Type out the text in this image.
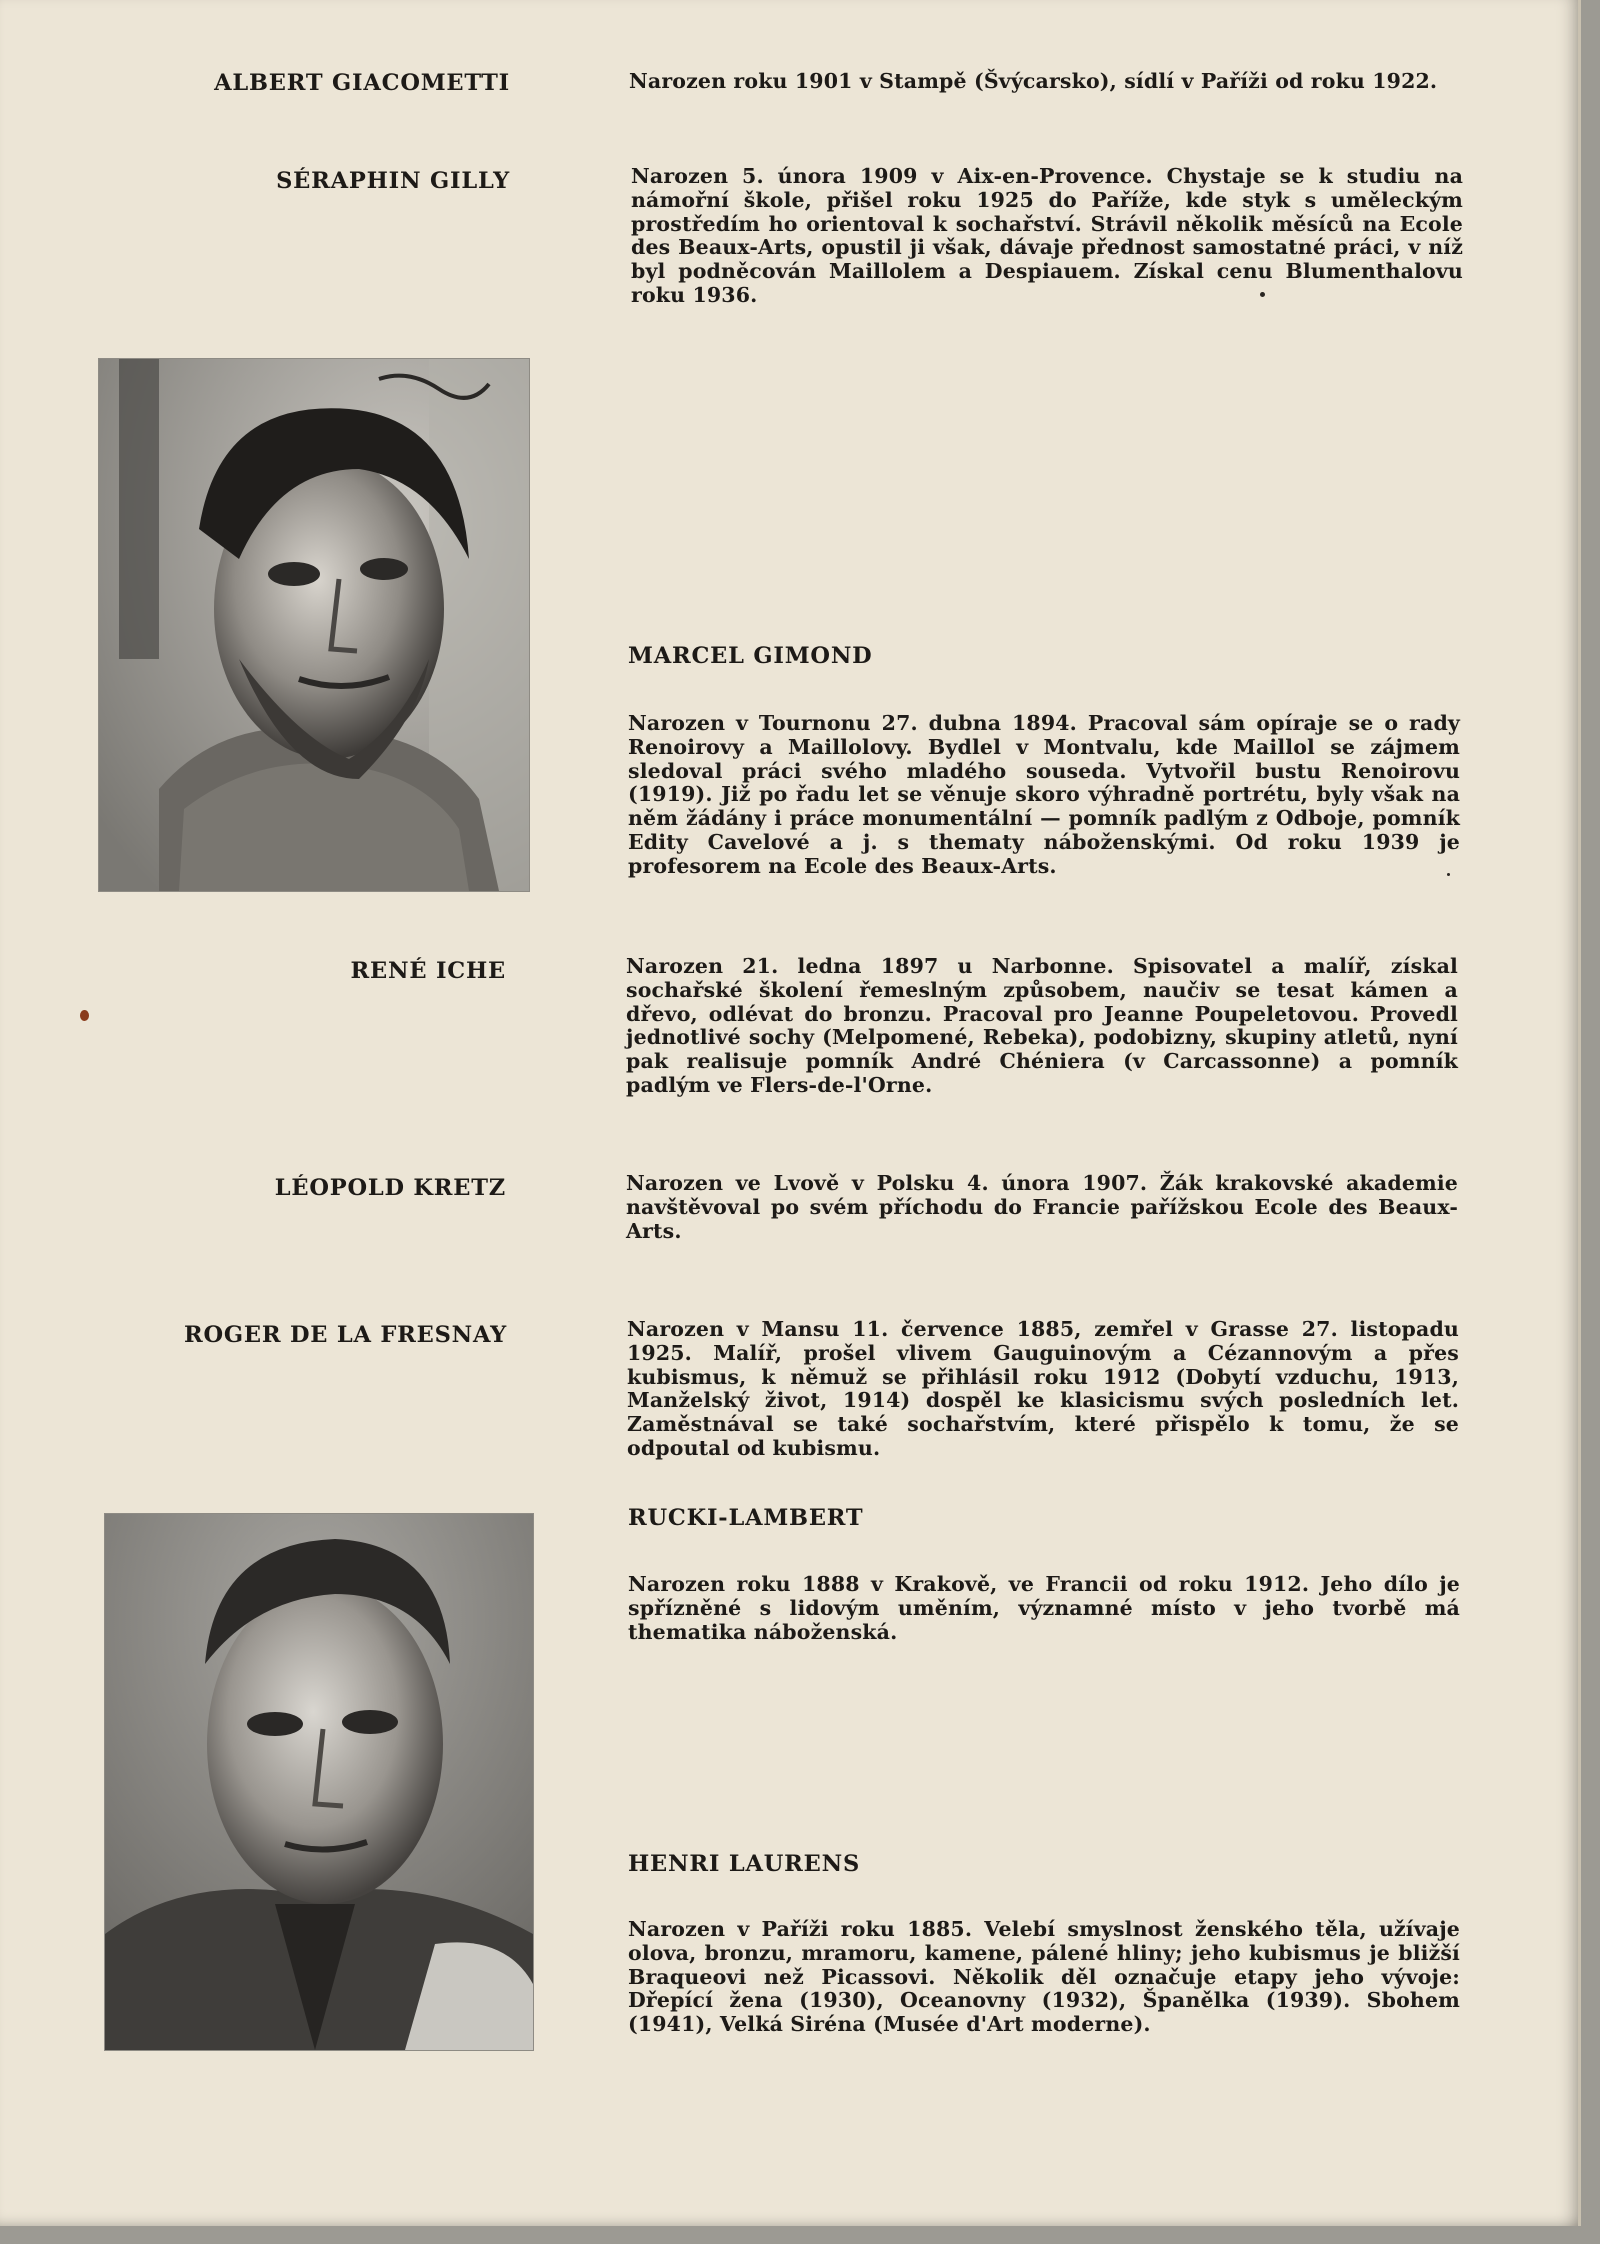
ALBERT GIACOMETTI	Narozen roku 1901 v Stampě (Švýcarsko), sídlí v Paříži od roku 1922.
SÉRAPHIN GILLY	Narozen 5. února 1909 v Aix-en-Provence. Chystaje se k studiu na námořní škole, přišel roku 1925 do Paříže, kde styk s uměleckým prostředím ho orientoval k sochařství. Strávil několik měsíců na Ecole des Beaux-Arts, opustil ji však, dávaje přednost samostatné práci, v níž byl podněcován Maillolem a Despiauem. Získal cenu Blumenthalovu roku 1936.
MARCEL GIMOND
Narozen v Tournonu 27. dubna 1894. Pracoval sám opíraje se o rady Renoirovy a Maillolovy. Bydlel v Montvalu, kde Maillol se zájmem sledoval práci svého mladého souseda. Vytvořil bustu Renoirovu (1919). Již po řadu let se věnuje skoro výhradně portrétu, byly však na něm žádány i práce monumentální — pomník padlým z Odboje, pomník Edity Cavelové a j. s thematy náboženskými. Od roku 1939 je profesorem na Ecole des Beaux-Arts.
RENÉ ICHE	Narozen 21. ledna 1897 u Narbonne. Spisovatel a malíř, získal sochařské školení řemeslným způsobem, naučiv se tesat kámen a dřevo, odlévat do bronzu. Pracoval pro Jeanne Poupeletovou. Provedl jednotlivé sochy (Melpomené, Rebeka), podobizny, skupiny atletů, nyní pak realisuje pomník André Chéniera (v Carcassonne) a pomník padlým ve Flers-de-l'Orne.
LÉOPOLD KRETZ	Narozen ve Lvově v Polsku 4. února 1907. Žák krakovské akademie navštěvoval po svém příchodu do Francie pařížskou Ecole des Beaux-Arts.
ROGER DE LA FRESNAY	Narozen v Mansu 11. července 1885, zemřel v Grasse 27. listopadu 1925. Malíř, prošel vlivem Gauguinovým a Cézannovým a přes kubismus, k němuž se přihlásil roku 1912 (Dobytí vzduchu, 1913, Manželský život, 1914) dospěl ke klasicismu svých posledních let. Zaměstnával se také sochařstvím, které přispělo k tomu, že se odpoutal od kubismu.
RUCKI-LAMBERT
Narozen roku 1888 v Krakově, ve Francii od roku 1912. Jeho dílo je spřízněné s lidovým uměním, významné místo v jeho tvorbě má thematika náboženská.
HENRI LAURENS
Narozen v Paříži roku 1885. Velebí smyslnost ženského těla, užívaje olova, bronzu, mramoru, kamene, pálené hliny; jeho kubismus je bližší Braqueovi než Picassovi. Několik děl označuje etapy jeho vývoje: Dřepící žena (1930), Oceanovny (1932), Španělka (1939). Sbohem (1941), Velká Siréna (Musée d'Art moderne).
